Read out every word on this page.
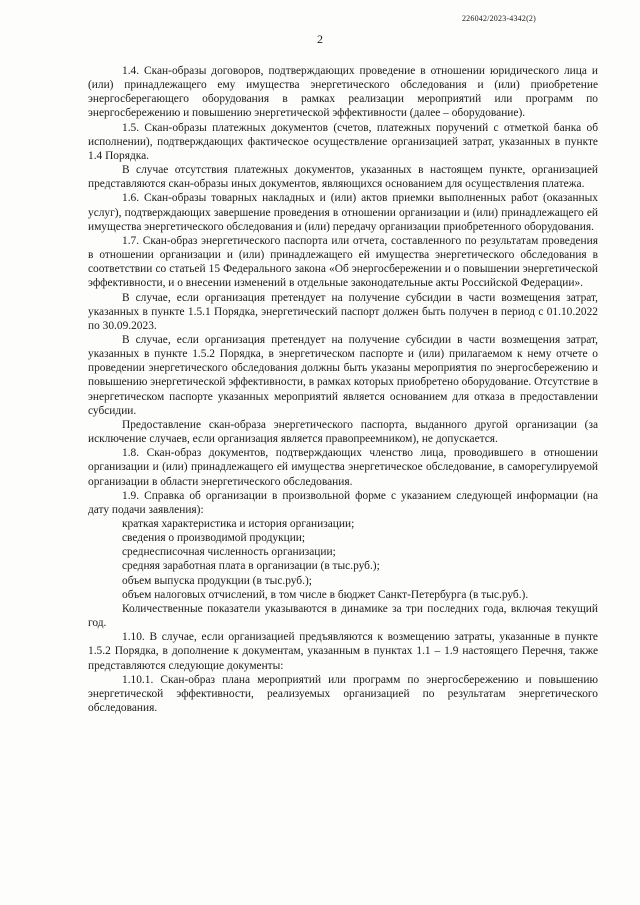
226042/2023-4342(2)
2

1.4. Скан-образы договоров, подтверждающих проведение в отношении юридического лица и (или) принадлежащего ему имущества энергетического обследования и (или) приобретение энергосберегающего оборудования в рамках реализации мероприятий или программ по энергосбережению и повышению энергетической эффективности (далее – оборудование).

1.5. Скан-образы платежных документов (счетов, платежных поручений с отметкой банка об исполнении), подтверждающих фактическое осуществление организацией затрат, указанных в пункте 1.4 Порядка.

В случае отсутствия платежных документов, указанных в настоящем пункте, организацией представляются скан-образы иных документов, являющихся основанием для осуществления платежа.

1.6. Скан-образы товарных накладных и (или) актов приемки выполненных работ (оказанных услуг), подтверждающих завершение проведения в отношении организации и (или) принадлежащего ей имущества энергетического обследования и (или) передачу организации приобретенного оборудования.

1.7. Скан-образ энергетического паспорта или отчета, составленного по результатам проведения в отношении организации и (или) принадлежащего ей имущества энергетического обследования в соответствии со статьей 15 Федерального закона «Об энергосбережении и о повышении энергетической эффективности, и о внесении изменений в отдельные законодательные акты Российской Федерации».

В случае, если организация претендует на получение субсидии в части возмещения затрат, указанных в пункте 1.5.1 Порядка, энергетический паспорт должен быть получен в период с 01.10.2022 по 30.09.2023.

В случае, если организация претендует на получение субсидии в части возмещения затрат, указанных в пункте 1.5.2 Порядка, в энергетическом паспорте и (или) прилагаемом к нему отчете о проведении энергетического обследования должны быть указаны мероприятия по энергосбережению и повышению энергетической эффективности, в рамках которых приобретено оборудование. Отсутствие в энергетическом паспорте указанных мероприятий является основанием для отказа в предоставлении субсидии.

Предоставление скан-образа энергетического паспорта, выданного другой организации (за исключение случаев, если организация является правопреемником), не допускается.

1.8. Скан-образ документов, подтверждающих членство лица, проводившего в отношении организации и (или) принадлежащего ей имущества энергетическое обследование, в саморегулируемой организации в области энергетического обследования.

1.9. Справка об организации в произвольной форме с указанием следующей информации (на дату подачи заявления):

краткая характеристика и история организации;

сведения о производимой продукции;

среднесписочная численность организации;

средняя заработная плата в организации (в тыс.руб.);

объем выпуска продукции (в тыс.руб.);

объем налоговых отчислений, в том числе в бюджет Санкт-Петербурга (в тыс.руб.).

Количественные показатели указываются в динамике за три последних года, включая текущий год.

1.10. В случае, если организацией предъявляются к возмещению затраты, указанные в пункте 1.5.2 Порядка, в дополнение к документам, указанным в пунктах 1.1 – 1.9 настоящего Перечня, также представляются следующие документы:

1.10.1. Скан-образ плана мероприятий или программ по энергосбережению и повышению энергетической эффективности, реализуемых организацией по результатам энергетического обследования.
